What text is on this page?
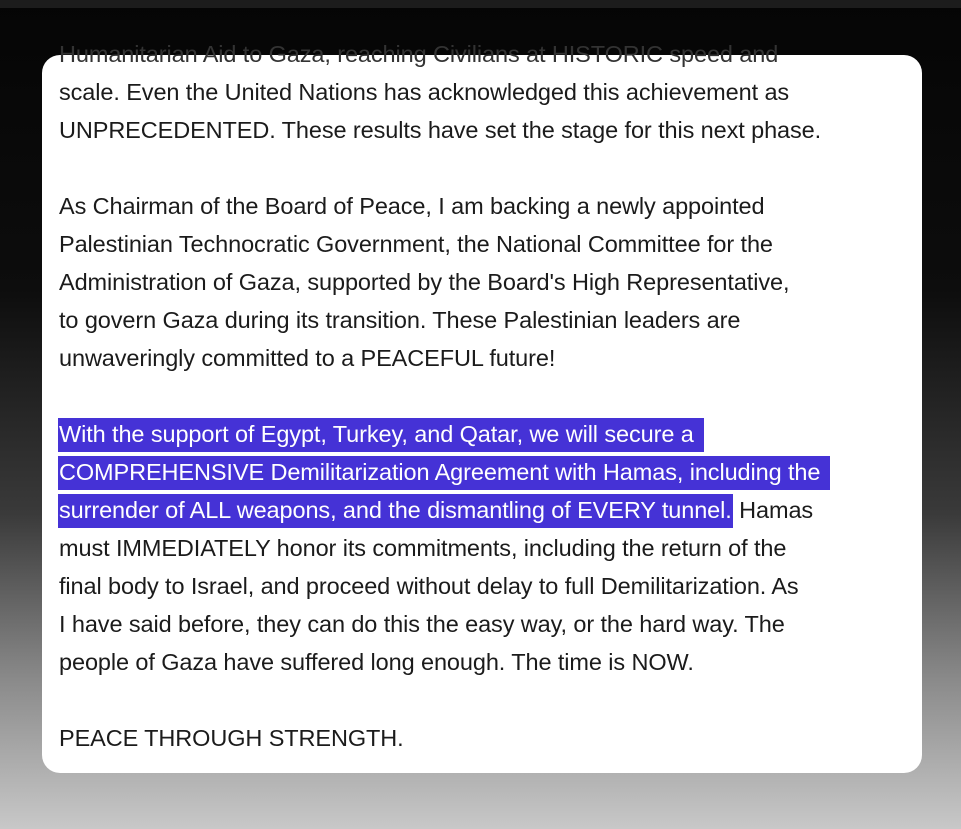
Humanitarian Aid to Gaza, reaching Civilians at HISTORIC speed and
scale. Even the United Nations has acknowledged this achievement as
UNPRECEDENTED. These results have set the stage for this next phase.
As Chairman of the Board of Peace, I am backing a newly appointed
Palestinian Technocratic Government, the National Committee for the
Administration of Gaza, supported by the Board's High Representative,
to govern Gaza during its transition. These Palestinian leaders are
unwaveringly committed to a PEACEFUL future!
With the support of Egypt, Turkey, and Qatar, we will secure a
COMPREHENSIVE Demilitarization Agreement with Hamas, including the
surrender of ALL weapons, and the dismantling of EVERY tunnel. Hamas
must IMMEDIATELY honor its commitments, including the return of the
final body to Israel, and proceed without delay to full Demilitarization. As
I have said before, they can do this the easy way, or the hard way. The
people of Gaza have suffered long enough. The time is NOW.
PEACE THROUGH STRENGTH.
